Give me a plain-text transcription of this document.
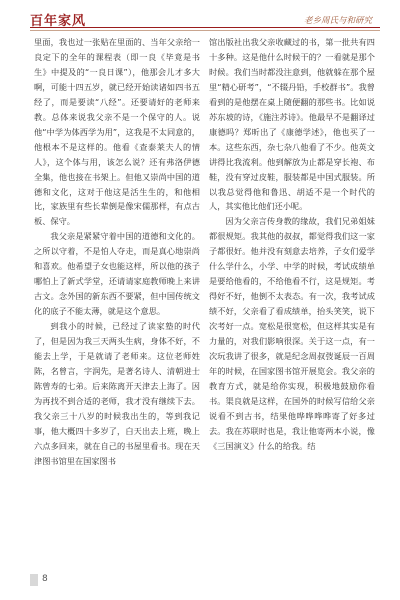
百年家风	老乡周氏与和研究

里面，我也过一张贴在里面的、当年父亲给一良定下的全年的课程表（即一良《毕竟是书生》中提及的“一良日课”），他那会儿才多大啊，可能十四五岁，就已经开始读诸如四书五经了，而是要读“八经”。还要请好的老师来教。总体来说我父亲不是一个保守的人。说他“中学为体西学为用”，这我是不太同意的，他根本不是这样的。他看《查泰莱夫人的情人》，这个体与用，该怎么说？还有弗洛伊德全集，他也接在书架上。但他又崇尚中国的道德和文化，这对于他这是活生生的，和他相比，家族里有些长辈倒是像宋儒那样，有点古板、保守。

我父亲是紧紧守着中国的道德和文化的。之所以守着，不是怕人夺走，而是真心地崇尚和喜欢。他希望子女也能这样，所以他的孩子哪怕上了新式学堂，还请请家庭教师晚上来讲古文。念外国的新东西不要紧，但中国传统文化的底子不能太薄，就是这个意思。

到我小的时候，已经过了读家塾的时代了，但是因为我三天两头生病，身体不好，不能去上学，于是就请了老师来。这位老师姓陈，名曾言，字润先，是著名诗人、清朝进士陈曾寿的七弟。后来陈离开天津去上海了。因为再找不到合适的老师，我才没有继续下去。我父亲三十八岁的时候我出生的，等到我记事，他大概四十多岁了，白天出去上班，晚上六点多回来，就在自己的书屋里看书。现在天津图书馆里在国家图书

馆出版社出我父亲收藏过的书，第一批共有四十多种。这是他什么时候干的？一看就是那个时候。我们当时都没注意到，他就躲在那个屋里“精心研考”，“不辍丹铅，手校群书”。我曾看到的是他摆在桌上随便翻的那些书。比如说苏东坡的诗，《施注苏诗》。他最早不是翻译过康德吗？郑昕出了《康德学述》，他也买了一本。这些东西，杂七杂八他看了不少。他英文讲得比我流利。他到解放为止都是穿长袍、布鞋，没有穿过皮鞋，服装都是中国式服装。所以我总觉得他和鲁迅、胡适不是一个时代的人，其实他比他们还小呢。

因为父亲言传身教的缘故，我们兄弟姐妹都很规矩。我其他的叔叔，都觉得我们这一家子都很好。他并没有刻意去培养，子女们爱学什么学什么，小学、中学的时候，考试成绩单是要给他看的，不给他看不行，这是规矩。考得好不好，他倒不太表态。有一次，我考试成绩不好，父亲看了看成绩单，抬头笑笑，说下次考好一点。宽松是很宽松，但这样其实是有力量的，对我们影响很深。关于这一点，有一次玩我讲了很多，就是纪念周叔弢诞辰一百周年的时候，在国家图书馆开展览会。我父亲的教育方式，就是给你实现，积极地鼓励你看书。渠良就是这样，在国外的时候写信给父亲说看不到古书，结果他哗哗哗哗寄了好多过去。我在苏联时也是，我让他寄两本小说，像《三国演义》什么的给我。结

8
